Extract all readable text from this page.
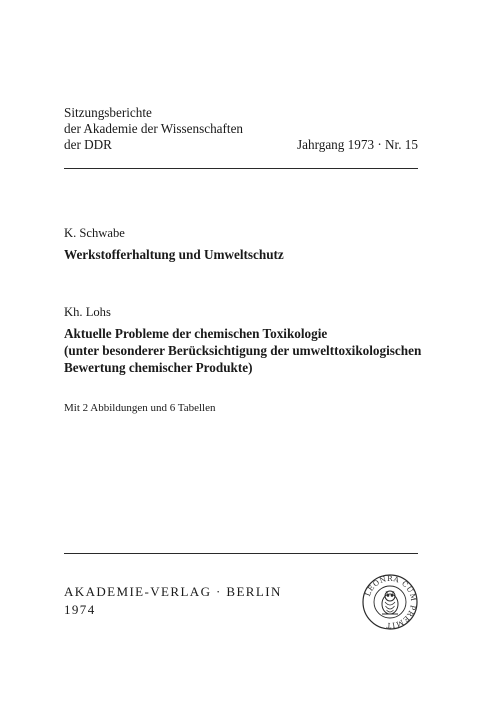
Sitzungsberichte
der Akademie der Wissenschaften
der DDR	Jahrgang 1973 · Nr. 15
K. Schwabe
Werkstofferhaltung und Umweltschutz
Kh. Lohs
Aktuelle Probleme der chemischen Toxikologie
(unter besonderer Berücksichtigung der umwelttoxikologischen
Bewertung chemischer Produkte)
Mit 2 Abbildungen und 6 Tabellen
AKADEMIE-VERLAG · BERLIN
1974
LEONRA CUM PREMIT
